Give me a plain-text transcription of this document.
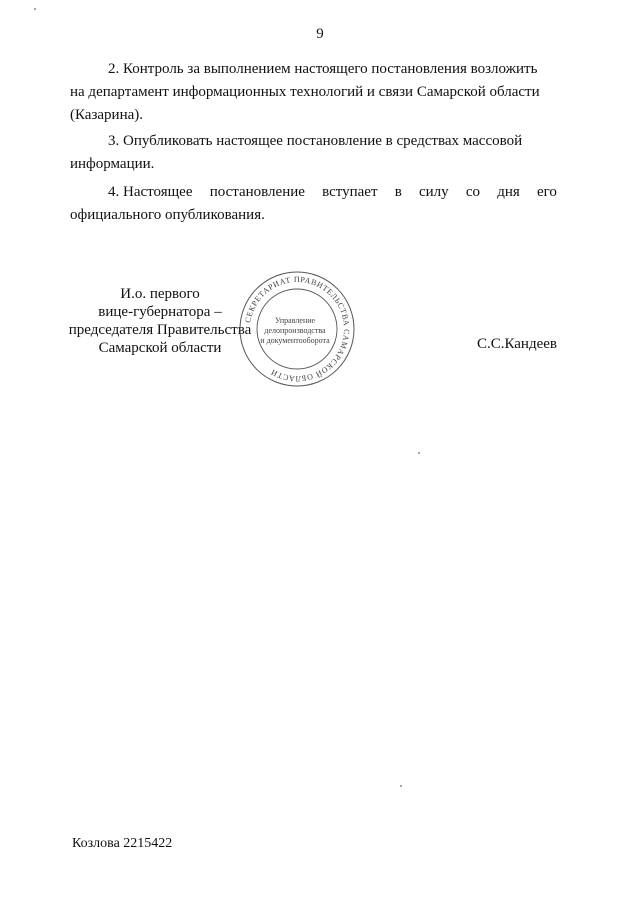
9
2. Контроль за выполнением настоящего постановления возложить
на департамент информационных технологий и связи Самарской области
(Казарина).
3. Опубликовать настоящее постановление в средствах массовой
информации.
4. Настоящее постановление вступает в силу со дня его
официального опубликования.
И.о. первого
вице-губернатора –
председателя Правительства
Самарской области
СЕКРЕТАРИАТ ПРАВИТЕЛЬСТВА САМАРСКОЙ ОБЛАСТИ
Управление
делопроизводства
и документооборота	С.С.Кандеев
Козлова 2215422
